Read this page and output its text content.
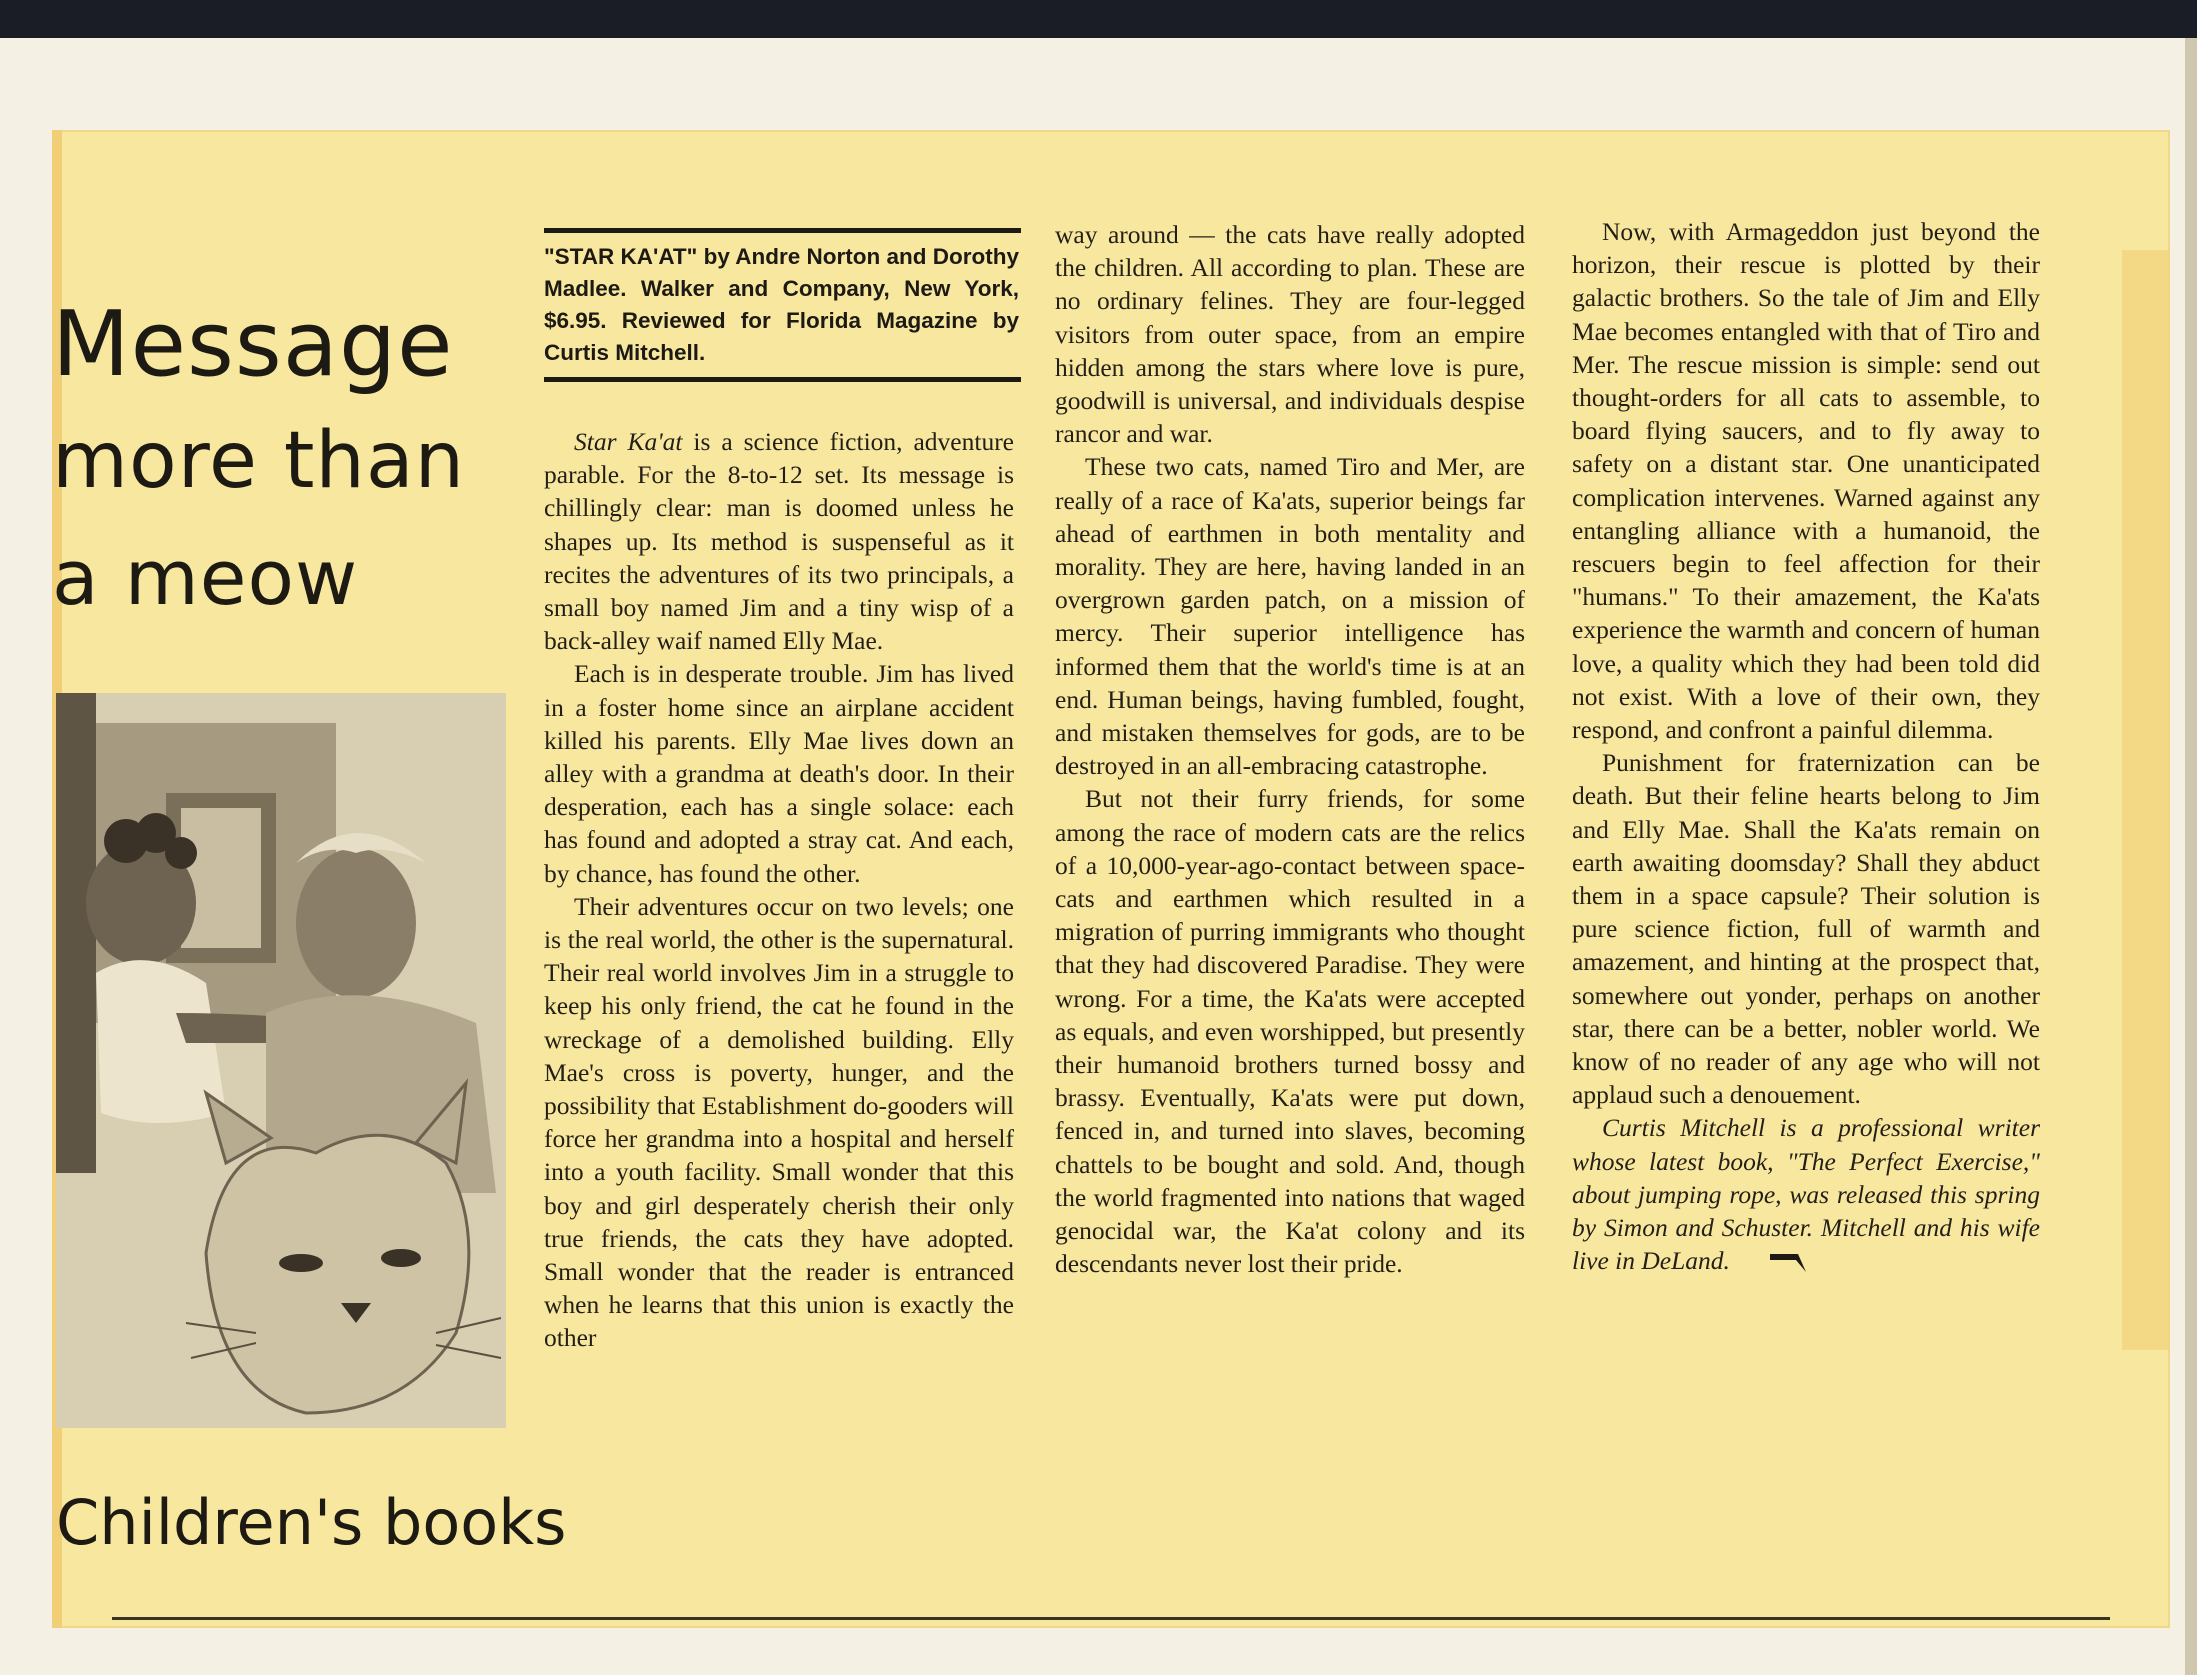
Message
more than
a meow
Children's books

"STAR KA'AT" by Andre Norton and Dorothy Madlee. Walker and Company, New York, $6.95. Reviewed for Florida Magazine by Curtis Mitchell.

Star Ka'at is a science fiction, adventure parable. For the 8-to-12 set. Its message is chillingly clear: man is doomed unless he shapes up. Its method is suspenseful as it recites the adventures of its two principals, a small boy named Jim and a tiny wisp of a back-alley waif named Elly Mae.

Each is in desperate trouble. Jim has lived in a foster home since an airplane accident killed his parents. Elly Mae lives down an alley with a grandma at death's door. In their desperation, each has a single solace: each has found and adopted a stray cat. And each, by chance, has found the other.

Their adventures occur on two levels; one is the real world, the other is the supernatural. Their real world involves Jim in a struggle to keep his only friend, the cat he found in the wreckage of a demolished building. Elly Mae's cross is poverty, hunger, and the possibility that Establishment do-gooders will force her grandma into a hospital and herself into a youth facility. Small wonder that this boy and girl desperately cherish their only true friends, the cats they have adopted. Small wonder that the reader is entranced when he learns that this union is exactly the other

way around — the cats have really adopted the children. All according to plan. These are no ordinary felines. They are four-legged visitors from outer space, from an empire hidden among the stars where love is pure, goodwill is universal, and individuals despise rancor and war.

These two cats, named Tiro and Mer, are really of a race of Ka'ats, superior beings far ahead of earthmen in both mentality and morality. They are here, having landed in an overgrown garden patch, on a mission of mercy. Their superior intelligence has informed them that the world's time is at an end. Human beings, having fumbled, fought, and mistaken themselves for gods, are to be destroyed in an all-embracing catastrophe.

But not their furry friends, for some among the race of modern cats are the relics of a 10,000-year-ago-contact between space-cats and earthmen which resulted in a migration of purring immigrants who thought that they had discovered Paradise. They were wrong. For a time, the Ka'ats were accepted as equals, and even worshipped, but presently their humanoid brothers turned bossy and brassy. Eventually, Ka'ats were put down, fenced in, and turned into slaves, becoming chattels to be bought and sold. And, though the world fragmented into nations that waged genocidal war, the Ka'at colony and its descendants never lost their pride.

Now, with Armageddon just beyond the horizon, their rescue is plotted by their galactic brothers. So the tale of Jim and Elly Mae becomes entangled with that of Tiro and Mer. The rescue mission is simple: send out thought-orders for all cats to assemble, to board flying saucers, and to fly away to safety on a distant star. One unanticipated complication intervenes. Warned against any entangling alliance with a humanoid, the rescuers begin to feel affection for their "humans." To their amazement, the Ka'ats experience the warmth and concern of human love, a quality which they had been told did not exist. With a love of their own, they respond, and confront a painful dilemma.

Punishment for fraternization can be death. But their feline hearts belong to Jim and Elly Mae. Shall the Ka'ats remain on earth awaiting doomsday? Shall they abduct them in a space capsule? Their solution is pure science fiction, full of warmth and amazement, and hinting at the prospect that, somewhere out yonder, perhaps on another star, there can be a better, nobler world. We know of no reader of any age who will not applaud such a denouement.

Curtis Mitchell is a professional writer whose latest book, "The Perfect Exercise," about jumping rope, was released this spring by Simon and Schuster. Mitchell and his wife live in DeLand.
